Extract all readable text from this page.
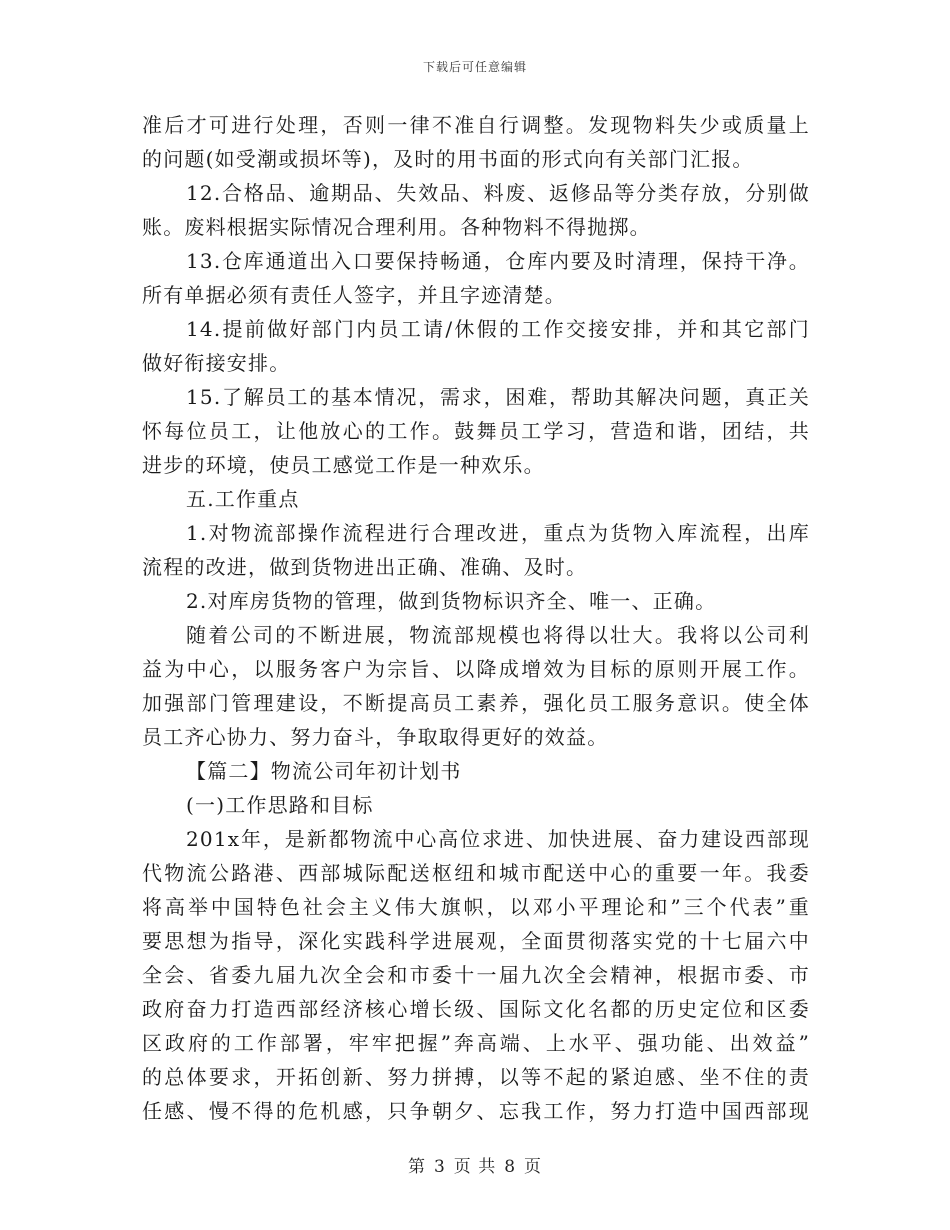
下载后可任意编辑
准后才可进行处理，否则一律不准自行调整。发现物料失少或质量上
的问题(如受潮或损坏等)，及时的用书面的形式向有关部门汇报。
12.合格品、逾期品、失效品、料废、返修品等分类存放，分别做
账。废料根据实际情况合理利用。各种物料不得抛掷。
13.仓库通道出入口要保持畅通，仓库内要及时清理，保持干净。
所有单据必须有责任人签字，并且字迹清楚。
14.提前做好部门内员工请/休假的工作交接安排，并和其它部门
做好衔接安排。
15.了解员工的基本情况，需求，困难，帮助其解决问题，真正关
怀每位员工，让他放心的工作。鼓舞员工学习，营造和谐，团结，共
进步的环境，使员工感觉工作是一种欢乐。
五.工作重点
1.对物流部操作流程进行合理改进，重点为货物入库流程，出库
流程的改进，做到货物进出正确、准确、及时。
2.对库房货物的管理，做到货物标识齐全、唯一、正确。
随着公司的不断进展，物流部规模也将得以壮大。我将以公司利
益为中心，以服务客户为宗旨、以降成增效为目标的原则开展工作。
加强部门管理建设，不断提高员工素养，强化员工服务意识。使全体
员工齐心协力、努力奋斗，争取取得更好的效益。
【篇二】物流公司年初计划书
(一)工作思路和目标
201x年，是新都物流中心高位求进、加快进展、奋力建设西部现
代物流公路港、西部城际配送枢纽和城市配送中心的重要一年。我委
将高举中国特色社会主义伟大旗帜，以邓小平理论和”三个代表”重
要思想为指导，深化实践科学进展观，全面贯彻落实党的十七届六中
全会、省委九届九次全会和市委十一届九次全会精神，根据市委、市
政府奋力打造西部经济核心增长级、国际文化名都的历史定位和区委
区政府的工作部署，牢牢把握”奔高端、上水平、强功能、出效益”
的总体要求，开拓创新、努力拼搏，以等不起的紧迫感、坐不住的责
任感、慢不得的危机感，只争朝夕、忘我工作，努力打造中国西部现
第 3 页 共 8 页
